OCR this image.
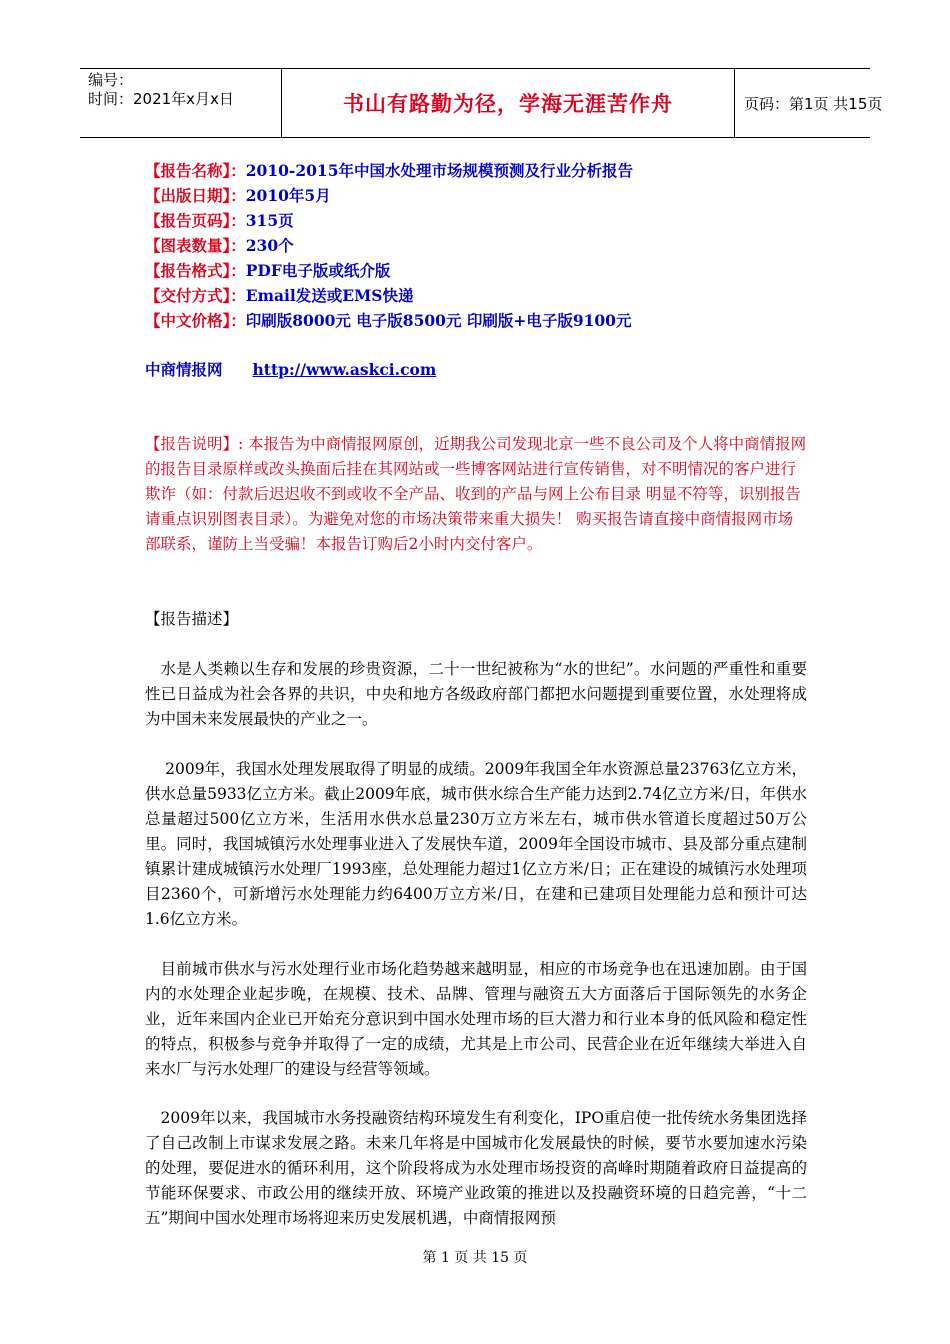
编号：
时间：2021年x月x日	书山有路勤为径，学海无涯苦作舟	页码：第1页 共15页
【报告名称】：2010-2015年中国水处理市场规模预测及行业分析报告
【出版日期】：2010年5月
【报告页码】：315页
【图表数量】：230个
【报告格式】：PDF电子版或纸介版
【交付方式】：Email发送或EMS快递
【中文价格】：印刷版8000元 电子版8500元 印刷版+电子版9100元
中商情报网 http://www.askci.com
【报告说明】: 本报告为中商情报网原创，近期我公司发现北京一些不良公司及个人将中商情报网的报告目录原样或改头换面后挂在其网站或一些博客网站进行宣传销售，对不明情况的客户进行欺诈（如：付款后迟迟收不到或收不全产品、收到的产品与网上公布目录 明显不符等，识别报告请重点识别图表目录）。为避免对您的市场决策带来重大损失！ 购买报告请直接中商情报网市场部联系，谨防上当受骗！本报告订购后2小时内交付客户。
【报告描述】
水是人类赖以生存和发展的珍贵资源，二十一世纪被称为“水的世纪”。水问题的严重性和重要性已日益成为社会各界的共识，中央和地方各级政府部门都把水问题提到重要位置，水处理将成为中国未来发展最快的产业之一。
2009年，我国水处理发展取得了明显的成绩。2009年我国全年水资源总量23763亿立方米，供水总量5933亿立方米。截止2009年底，城市供水综合生产能力达到2.74亿立方米/日，年供水总量超过500亿立方米，生活用水供水总量230万立方米左右，城市供水管道长度超过50万公里。同时，我国城镇污水处理事业进入了发展快车道，2009年全国设市城市、县及部分重点建制镇累计建成城镇污水处理厂1993座，总处理能力超过1亿立方米/日；正在建设的城镇污水处理项目2360个，可新增污水处理能力约6400万立方米/日，在建和已建项目处理能力总和预计可达1.6亿立方米。
目前城市供水与污水处理行业市场化趋势越来越明显，相应的市场竞争也在迅速加剧。由于国内的水处理企业起步晚，在规模、技术、品牌、管理与融资五大方面落后于国际领先的水务企业，近年来国内企业已开始充分意识到中国水处理市场的巨大潜力和行业本身的低风险和稳定性的特点，积极参与竞争并取得了一定的成绩，尤其是上市公司、民营企业在近年继续大举进入自来水厂与污水处理厂的建设与经营等领域。
2009年以来，我国城市水务投融资结构环境发生有利变化，IPO重启使一批传统水务集团选择了自己改制上市谋求发展之路。未来几年将是中国城市化发展最快的时候，要节水要加速水污染的处理，要促进水的循环利用，这个阶段将成为水处理市场投资的高峰时期随着政府日益提高的节能环保要求、市政公用的继续开放、环境产业政策的推进以及投融资环境的日趋完善，“十二五”期间中国水处理市场将迎来历史发展机遇，中商情报网预
第 1 页 共 15 页
